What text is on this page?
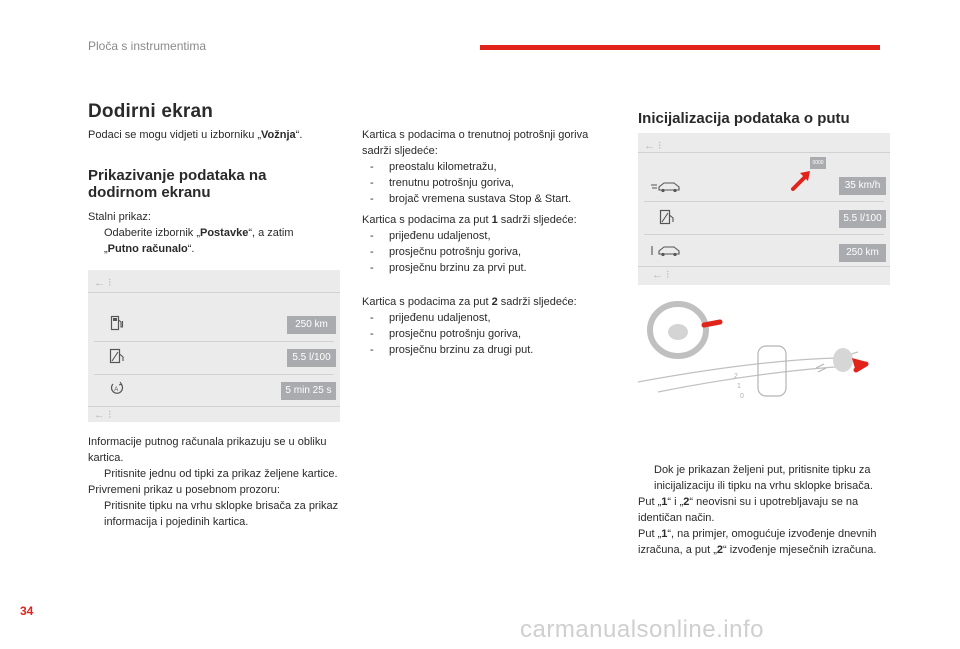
Ploča s instrumentima
Dodirni ekran
Podaci se mogu vidjeti u izborniku „Vožnja“.
Prikazivanje podataka na dodirnom ekranu
Stalni prikaz:
Odaberite izbornik „Postavke“, a zatim
„Putno računalo“.
← ⁝
250 km
5.5 l/100
A	5 min 25 s
← ⁝
Informacije putnog računala prikazuju se u obliku kartica.
Pritisnite jednu od tipki za prikaz željene kartice.
Privremeni prikaz u posebnom prozoru:
Pritisnite tipku na vrhu sklopke brisača za prikaz informacija i pojedinih kartica.
Kartica s podacima o trenutnoj potrošnji goriva sadrži sljedeće:
-	preostalu kilometražu,
-	trenutnu potrošnju goriva,
-	brojač vremena sustava Stop & Start.
Kartica s podacima za put 1 sadrži sljedeće:
-	prijeđenu udaljenost,
-	prosječnu potrošnju goriva,
-	prosječnu brzinu za prvi put.
Kartica s podacima za put 2 sadrži sljedeće:
-	prijeđenu udaljenost,
-	prosječnu potrošnju goriva,
-	prosječnu brzinu za drugi put.
Inicijalizacija podataka o putu
← ⁝
0000
35 km/h
5.5 l/100
250 km
← ⁝
2
1
0
Dok je prikazan željeni put, pritisnite tipku za inicijalizaciju ili tipku na vrhu sklopke brisača.
Put „1“ i „2“ neovisni su i upotrebljavaju se na identičan način.
Put „1“, na primjer, omogućuje izvođenje dnevnih izračuna, a put „2“ izvođenje mjesečnih izračuna.
34
carmanualsonline.info
